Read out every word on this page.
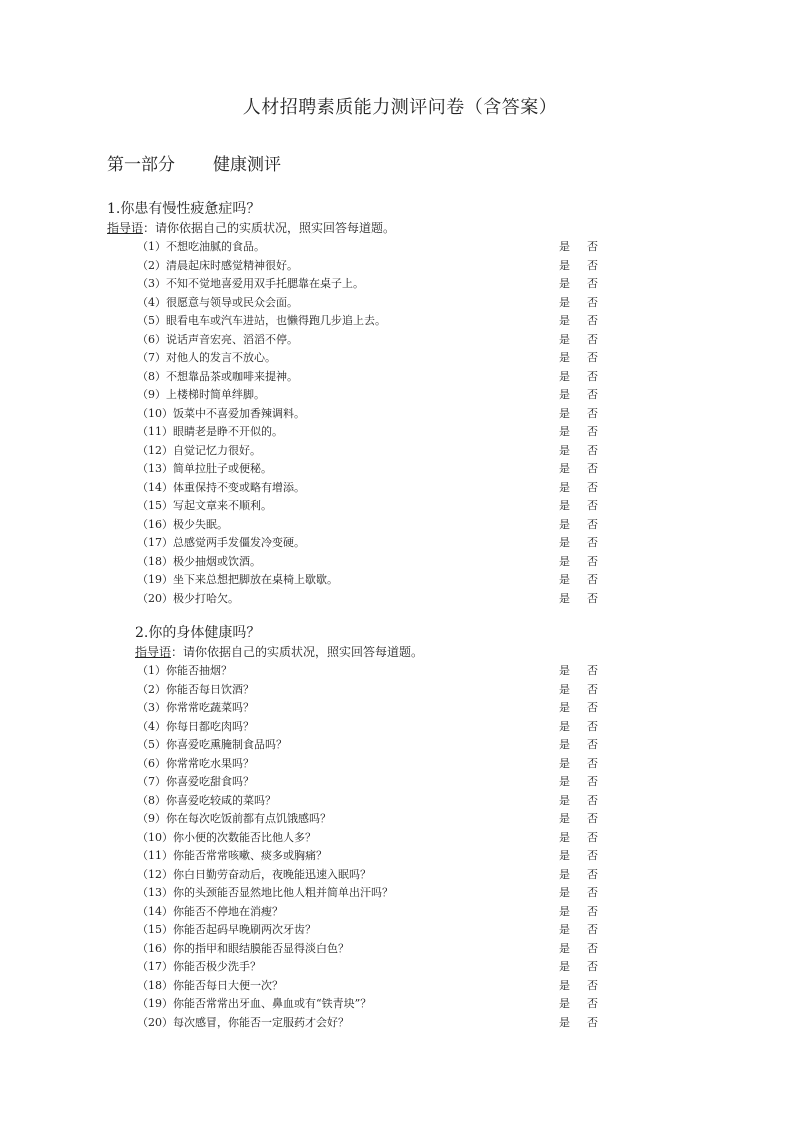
人材招聘素质能力测评问卷（含答案）
第一部分 健康测评
1.你患有慢性疲惫症吗？
指导语：请你依据自己的实质状况，照实回答每道题。
（1）不想吃油腻的食品。	是 否
（2）清晨起床时感觉精神很好。	是 否
（3）不知不觉地喜爱用双手托腮靠在桌子上。	是 否
（4）很愿意与领导或民众会面。	是 否
（5）眼看电车或汽车进站，也懒得跑几步追上去。	是 否
（6）说话声音宏亮、滔滔不停。	是 否
（7）对他人的发言不放心。	是 否
（8）不想靠品茶或咖啡来提神。	是 否
（9）上楼梯时简单绊脚。	是 否
（10）饭菜中不喜爱加香辣调料。	是 否
（11）眼睛老是睁不开似的。	是 否
（12）自觉记忆力很好。	是 否
（13）简单拉肚子或便秘。	是 否
（14）体重保持不变或略有增添。	是 否
（15）写起文章来不顺利。	是 否
（16）极少失眠。	是 否
（17）总感觉两手发僵发冷变硬。	是 否
（18）极少抽烟或饮酒。	是 否
（19）坐下来总想把脚放在桌椅上歇歇。	是 否
（20）极少打哈欠。	是 否
2.你的身体健康吗？
指导语：请你依据自己的实质状况，照实回答每道题。
（1）你能否抽烟？	是 否
（2）你能否每日饮酒？	是 否
（3）你常常吃蔬菜吗？	是 否
（4）你每日都吃肉吗？	是 否
（5）你喜爱吃熏腌制食品吗？	是 否
（6）你常常吃水果吗？	是 否
（7）你喜爱吃甜食吗？	是 否
（8）你喜爱吃较咸的菜吗？	是 否
（9）你在每次吃饭前都有点饥饿感吗？	是 否
（10）你小便的次数能否比他人多？	是 否
（11）你能否常常咳嗽、痰多或胸痛？	是 否
（12）你白日勤劳奋动后，夜晚能迅速入眠吗？	是 否
（13）你的头颈能否显然地比他人粗并简单出汗吗？	是 否
（14）你能否不停地在消瘦？	是 否
（15）你能否起码早晚刷两次牙齿？	是 否
（16）你的指甲和眼结膜能否显得淡白色？	是 否
（17）你能否极少洗手？	是 否
（18）你能否每日大便一次？	是 否
（19）你能否常常出牙血、鼻血或有“铁青块”？	是 否
（20）每次感冒，你能否一定服药才会好？	是 否
